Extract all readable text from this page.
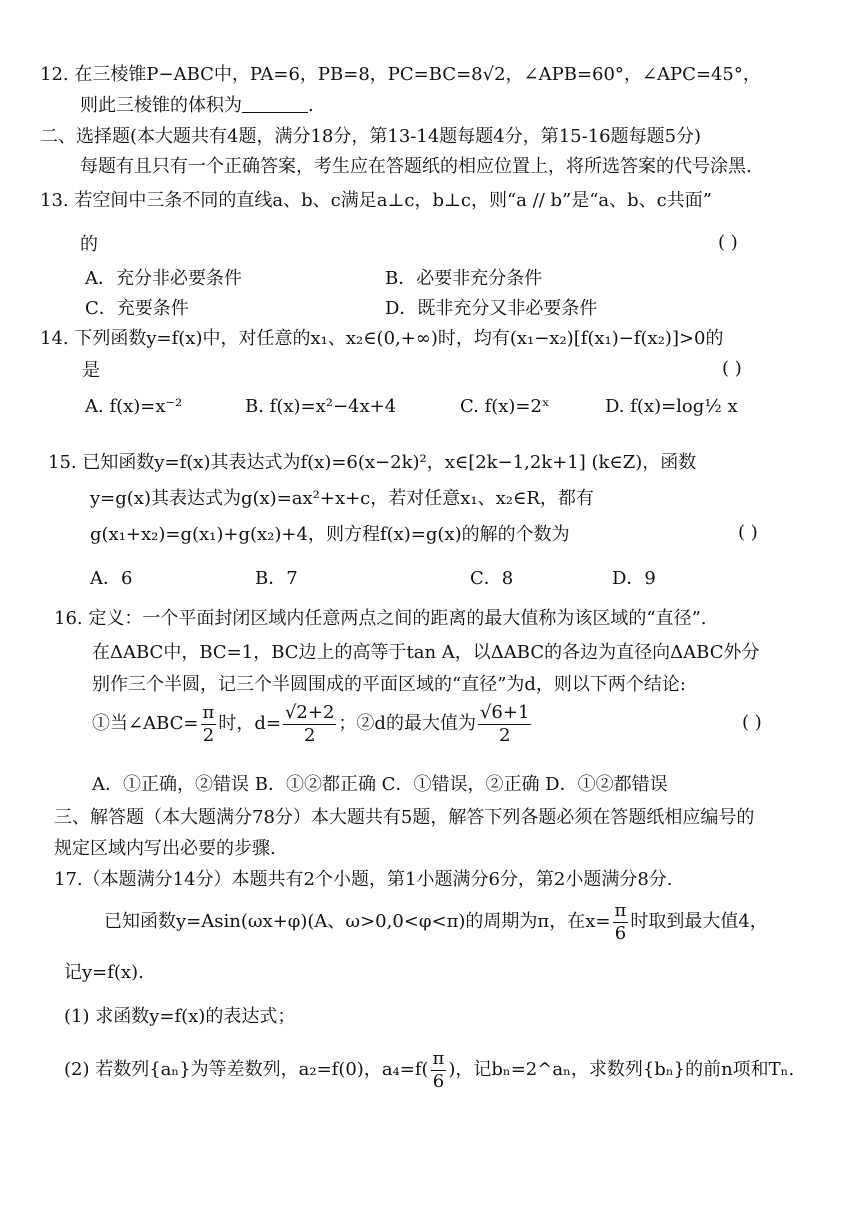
12. 在三棱锥P−ABC中，PA=6，PB=8，PC=BC=8√2，∠APB=60°，∠APC=45°，
则此三棱锥的体积为	.
二、选择题(本大题共有4题，满分18分，第13-14题每题4分，第15-16题每题5分)
每题有且只有一个正确答案，考生应在答题纸的相应位置上，将所选答案的代号涂黑.
13. 若空间中三条不同的直线a、b、c满足a⊥c，b⊥c，则“a // b”是“a、b、c共面”
的	( )
A．充分非必要条件	B．必要非充分条件
C．充要条件	D．既非充分又非必要条件
14. 下列函数y=f(x)中，对任意的x₁、x₂∈(0,+∞)时，均有(x₁−x₂)[f(x₁)−f(x₂)]>0的
是	( )
A. f(x)=x⁻²	B. f(x)=x²−4x+4	C. f(x)=2ˣ	D. f(x)=log½ x
15. 已知函数y=f(x)其表达式为f(x)=6(x−2k)²，x∈[2k−1,2k+1] (k∈Z)，函数
y=g(x)其表达式为g(x)=ax²+x+c，若对任意x₁、x₂∈R，都有
g(x₁+x₂)=g(x₁)+g(x₂)+4，则方程f(x)=g(x)的解的个数为	( )
A．6	B．7	C．8	D．9
16. 定义：一个平面封闭区域内任意两点之间的距离的最大值称为该区域的“直径”.
在ΔABC中，BC=1，BC边上的高等于tan A，以ΔABC的各边为直径向ΔABC外分
别作三个半圆，记三个半圆围成的平面区域的“直径”为d，则以下两个结论:
①当∠ABC= $\frac{\pi}{2}$ 时，$d= \frac{√2+2}{2}$ ；②d的最大值为 $\frac{√6+1}{2}$	( )
A．①正确，②错误 B．①②都正确 C．①错误，②正确 D．①②都错误
三、解答题（本大题满分78分）本大题共有5题，解答下列各题必须在答题纸相应编号的
规定区域内写出必要的步骤.
17.（本题满分14分）本题共有2个小题，第1小题满分6分，第2小题满分8分.
已知函数y=Asin(ωx+φ)(A、ω>0,0<φ<π)的周期为π，在$x= \frac{\pi}{6}$ 时取到最大值4，
记y=f(x).
(1) 求函数y=f(x)的表达式；
(2) 若数列{aₙ}为等差数列，a₂=f(0)，$a_4=f( \frac{\pi}{6}$ )，记bₙ=2^aₙ，求数列{bₙ}的前n项和Tₙ.
